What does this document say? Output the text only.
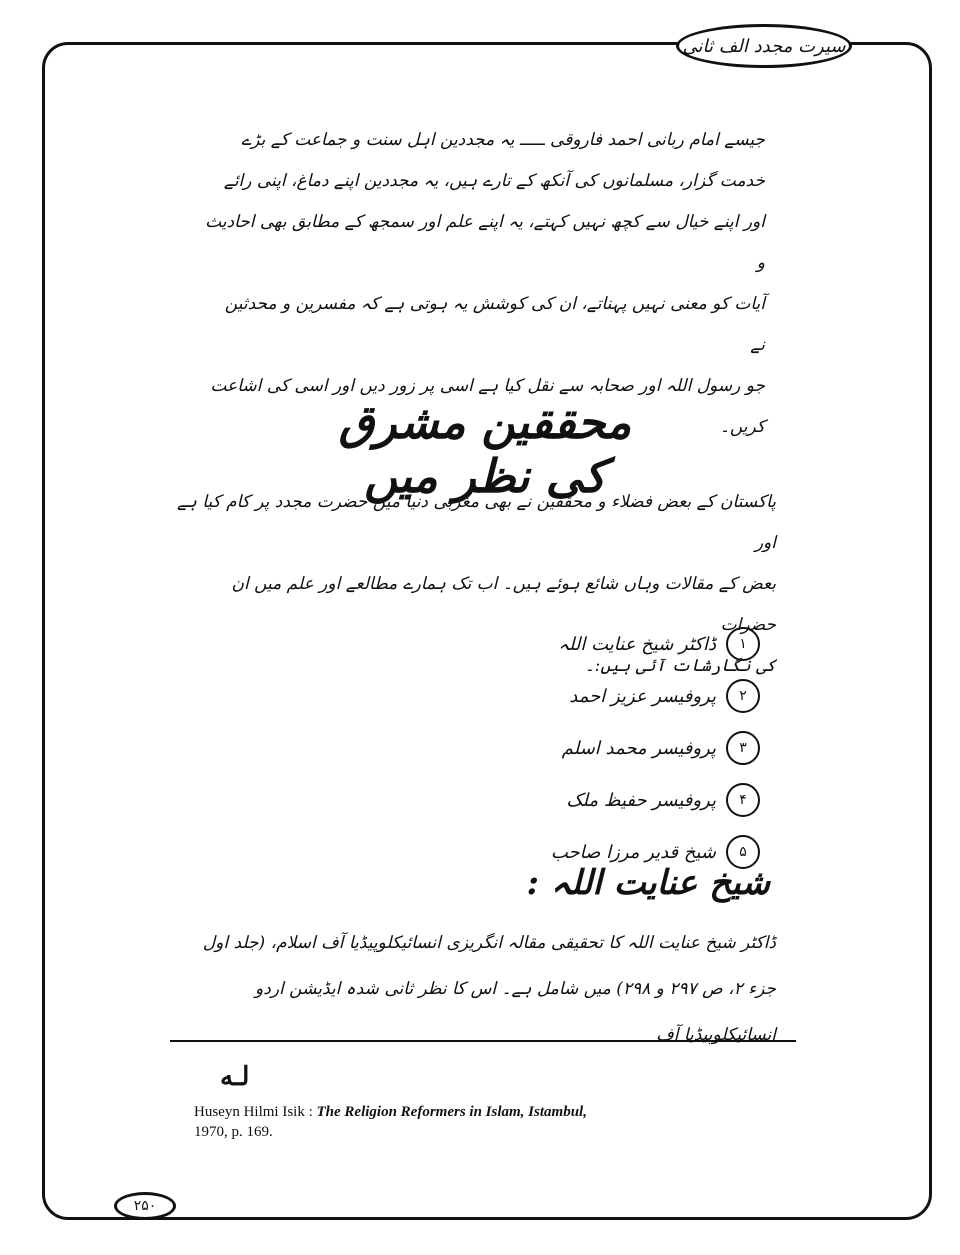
سیرت مجدد الف ثانی
جیسے امام ربانی احمد فاروقی ـــــ یہ مجددین اہل سنت و جماعت کے بڑے
خدمت گزار، مسلمانوں کی آنکھ کے تارے ہیں، یہ مجددین اپنے دماغ، اپنی رائے
اور اپنے خیال سے کچھ نہیں کہتے، یہ اپنے علم اور سمجھ کے مطابق بھی احادیث و
آیات کو معنی نہیں پہناتے، ان کی کوشش یہ ہوتی ہے کہ مفسرین و محدثین نے
جو رسول اللہ اور صحابہ سے نقل کیا ہے اسی پر زور دیں اور اسی کی اشاعت کریں۔
محققین مشرق کی نظر میں
پاکستان کے بعض فضلاء و محققین نے بھی مغربی دنیا میں حضرت مجدد پر کام کیا ہے اور
بعض کے مقالات وہاں شائع ہوئے ہیں۔ اب تک ہمارے مطالعے اور علم میں ان حضرات
کی نگارشات آئی ہیں:۔
۱
ڈاکٹر شیخ عنایت اللہ
۲
پروفیسر عزیز احمد
۳
پروفیسر محمد اسلم
۴
پروفیسر حفیظ ملک
۵
شیخ قدیر مرزا صاحب
شیخ عنایت اللہ :
ڈاکٹر شیخ عنایت اللہ کا تحقیقی مقالہ انگریزی انسائیکلوپیڈیا آف اسلام، (جلد اول
جزء ۲، ص ۲۹۷ و ۲۹۸) میں شامل ہے۔ اس کا نظر ثانی شدہ ایڈیشن اردو انسائیکلوپیڈیا آف
لـه
Huseyn Hilmi Isik : The Religion Reformers in Islam, Istambul,
1970, p. 169.
۲۵۰
